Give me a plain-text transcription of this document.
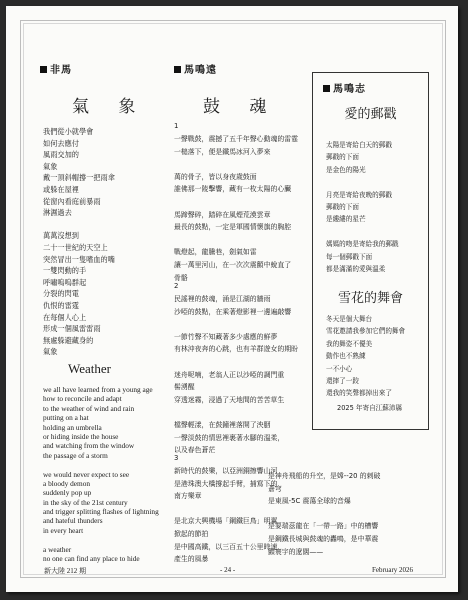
非馬
氣 象
我們從小就學會
如何去應付
風雨交加的
氣象
戴一頂斜帽撐一把雨傘
或躲在屋裡
從窗內看庭前暴雨
淋濕過去
萬萬沒想到
二十一世紀的天空上
突然冒出一隻嗜血的嘴
一雙閃動的手
呼嘯嗚嗚群起
分裂的閃電
仇恨的雷霆
在每個人心上
形成一個風雷雷雨
無處躲避藏身的
氣象
Weather
we all have learned from a young age
how to reconcile and adapt
to the weather of wind and rain
putting on a hat
holding an umbrella
or hiding inside the house
and watching from the window
the passage of a storm
we would never expect to see
a bloody demon
suddenly pop up
in the sky of the 21st century
and trigger splitting flashes of lightning
and hateful thunders
in every heart
a weather
no one can find any place to hide
馬鳴遠
鼓 魂
1
一聲戰鼓，震撼了五千年聲心動魂的雷霆
一槌落下，便是鐵馬冰河入夢來
萬的骨子，皆以身夜歲鼓面
誰佛那一陵擊響，藏有一枚太陽的心臟
馬蹄聲碎，踏碎在風煙荒漠雲章
最長的鼓點，一定是軍國情懷旗的胸腔
戰燈起，龍騰巷，劍氣如雷
讓一萬里河山，在一次次震顫中蛻直了
骨骼
2
民謠裡的鼓魂，涌是江湖的牆雨
沙啞的鼓點，在乘著燈影裡一邊遍敲響
一節竹聲不知藏著多少處應的鮮夢
有林沖夜奔的心跳，也有羊群遊女的期盼
迷舟呢喃，老翁人正以沙啞的調門重
髻湧醒
穿透迷霧，浸過了天地間的苦苦草生
檔聲輕漾，在鼓鐘裡落開了泱胭
一聲淡鼓的情思裡裹著水腳的溫柔，
以及春色蒼茫
3
新時代的鼓樂，以亞洲銅擦響山河
是港珠澳大橋撐起手臂，捕寫下的
南方樂章
是北京大興機場「鋼鐵巨鳥」明翼
掀起的節拍
是中國高鐵，以三百五十公里時速
產生的風暴
馬鳴志
愛的郵戳
太陽是寄給白天的郵戳
郵戳的下面
是金色的陽光
月亮是寄給夜晚的郵戳
郵戳的下面
是縷縷的星芒
媽媽的吻是寄給我的郵戳
每一個郵戳下面
都是滿滿的愛與溫柔
雪花的舞會
冬天是個大舞台
雪花邀請我參加它們的舞會
我的舞姿不優美
動作也不熟練
一不小心
還摔了一跤
還我的笑聲都掉出來了
2025 年寄自江蘇沛縣
是神舟飛船的升空，是嫦--20 的刺破
蒼穹
是東風-5C 震蕩全球的音爆
是要瑞茲龍在「一帶一路」中的槽響
是鋼鐵長城與鼓魂的轟鳴，是中華震
顫寰宇的遼闊——
新大陸 212 期	- 24 -	February 2026
